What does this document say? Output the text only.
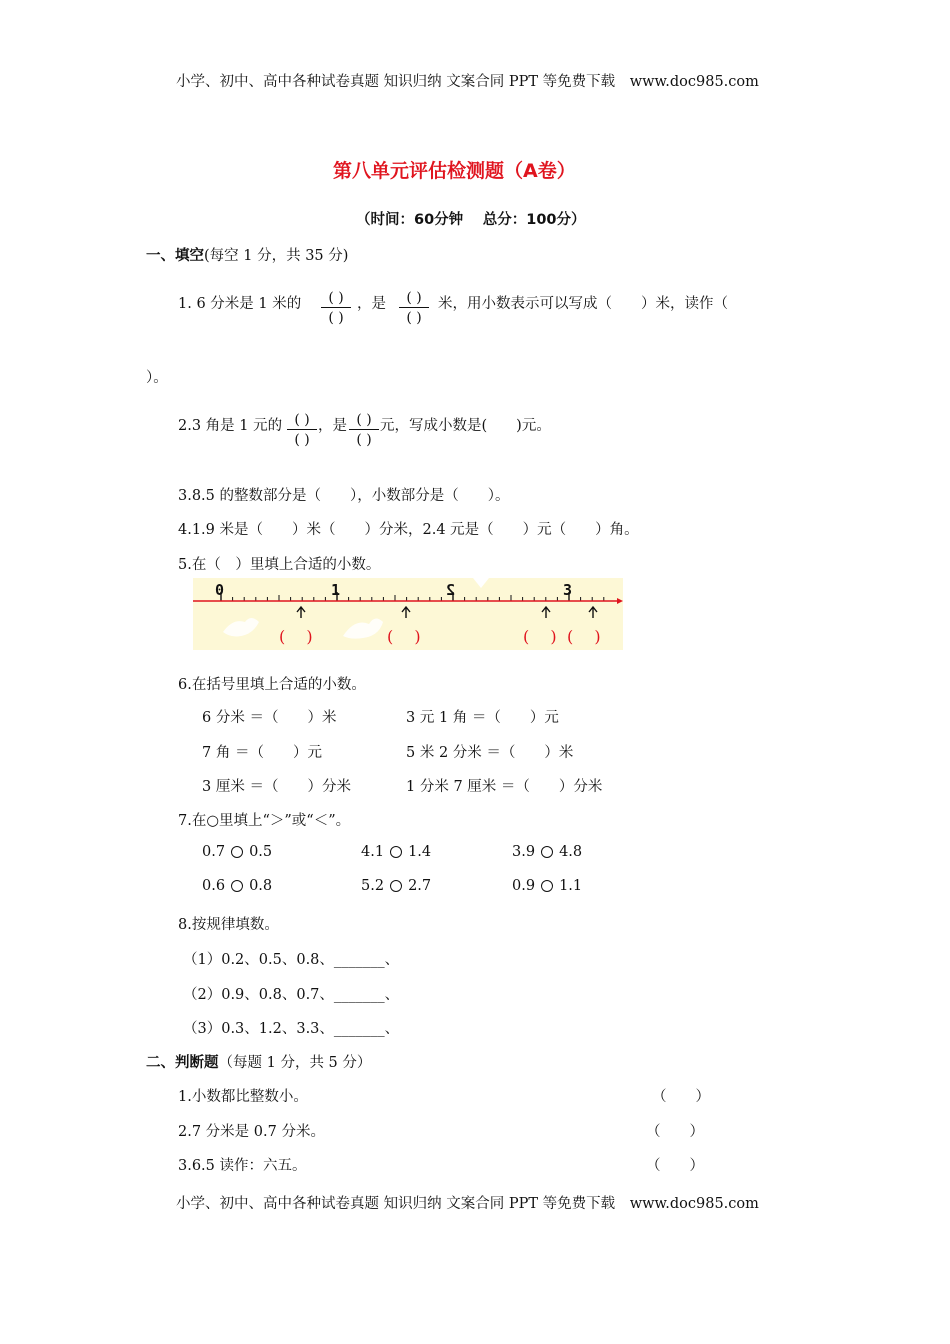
小学、初中、高中各种试卷真题 知识归纳 文案合同 PPT 等免费下载 www.doc985.com
第八单元评估检测题（A卷）
（时间：60分钟　 总分：100分）
一、填空(每空 1 分，共 35 分)
1. 6 分米是 1 米的	( )
( )
，是	( )
( )
米，用小数表示可以写成（　　）米，读作（
）。
2.3 角是 1 元的 ( )
( )
，是 ( )
( )
元，写成小数是(　　)元。
3.8.5 的整数部分是（　　），小数部分是（　　）。
4.1.9 米是（　　）米（　　）分米，2.4 元是（　　）元（　　）角。
5.在（　）里填上合适的小数。
0	1	2	3
(　 )	(　 )	(　 ) (　 )
6.在括号里填上合适的小数。
6 分米 ＝（　　）米	3 元 1 角 ＝（　　）元
7 角 ＝（　　）元	5 米 2 分米 ＝（　　）米
3 厘米 ＝（　　）分米	1 分米 7 厘米 ＝（　　）分米
7.在○里填上“＞”或“＜”。
0.7 0.5	4.1 1.4	3.9 4.8
0.6 0.8	5.2 2.7	0.9 1.1
8.按规律填数。
（1）0.2、0.5、0.8、_______、
（2）0.9、0.8、0.7、_______、
（3）0.3、1.2、3.3、_______、
二、判断题（每题 1 分，共 5 分）
1.小数都比整数小。	（　　）
2.7 分米是 0.7 分米。	（　　）
3.6.5 读作：六五。	（　　）
小学、初中、高中各种试卷真题 知识归纳 文案合同 PPT 等免费下载 www.doc985.com
